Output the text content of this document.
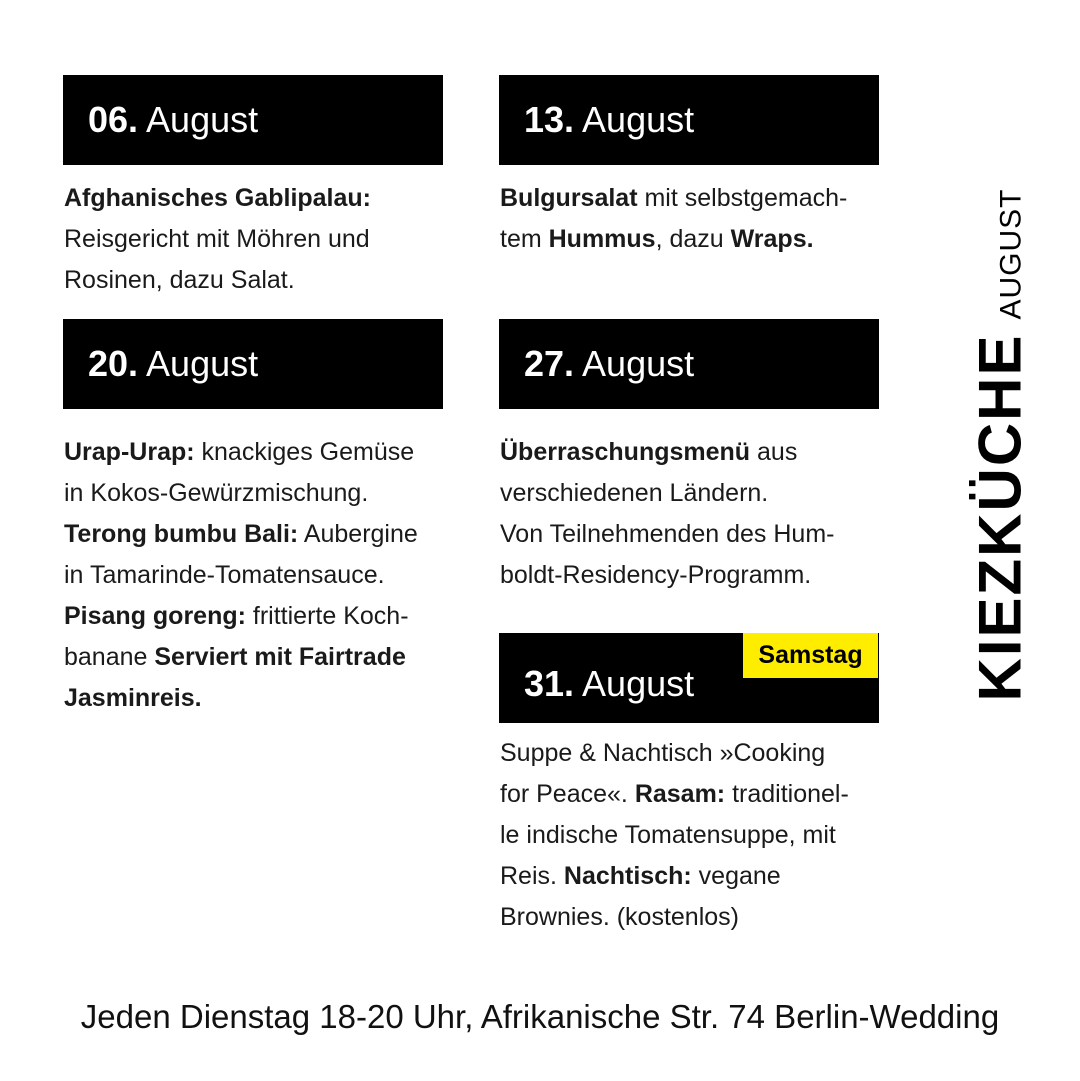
06. August
Afghanisches Gablipalau:
Reisgericht mit Möhren und
Rosinen, dazu Salat.
13. August
Bulgursalat mit selbstgemach-
tem Hummus, dazu Wraps.
20. August
Urap-Urap: knackiges Gemüse
in Kokos-Gewürzmischung.
Terong bumbu Bali: Aubergine
in Tamarinde-Tomatensauce.
Pisang goreng: frittierte Koch-
banane Serviert mit Fairtrade
Jasminreis.
27. August
Überraschungsmenü aus
verschiedenen Ländern.
Von Teilnehmenden des Hum-
boldt-Residency-Programm.
31. August
Samstag
Suppe & Nachtisch »Cooking
for Peace«. Rasam: traditionel-
le indische Tomatensuppe, mit
Reis. Nachtisch: vegane
Brownies. (kostenlos)
KIEZKÜCHE
AUGUST
Jeden Dienstag 18-20 Uhr, Afrikanische Str. 74 Berlin-Wedding
